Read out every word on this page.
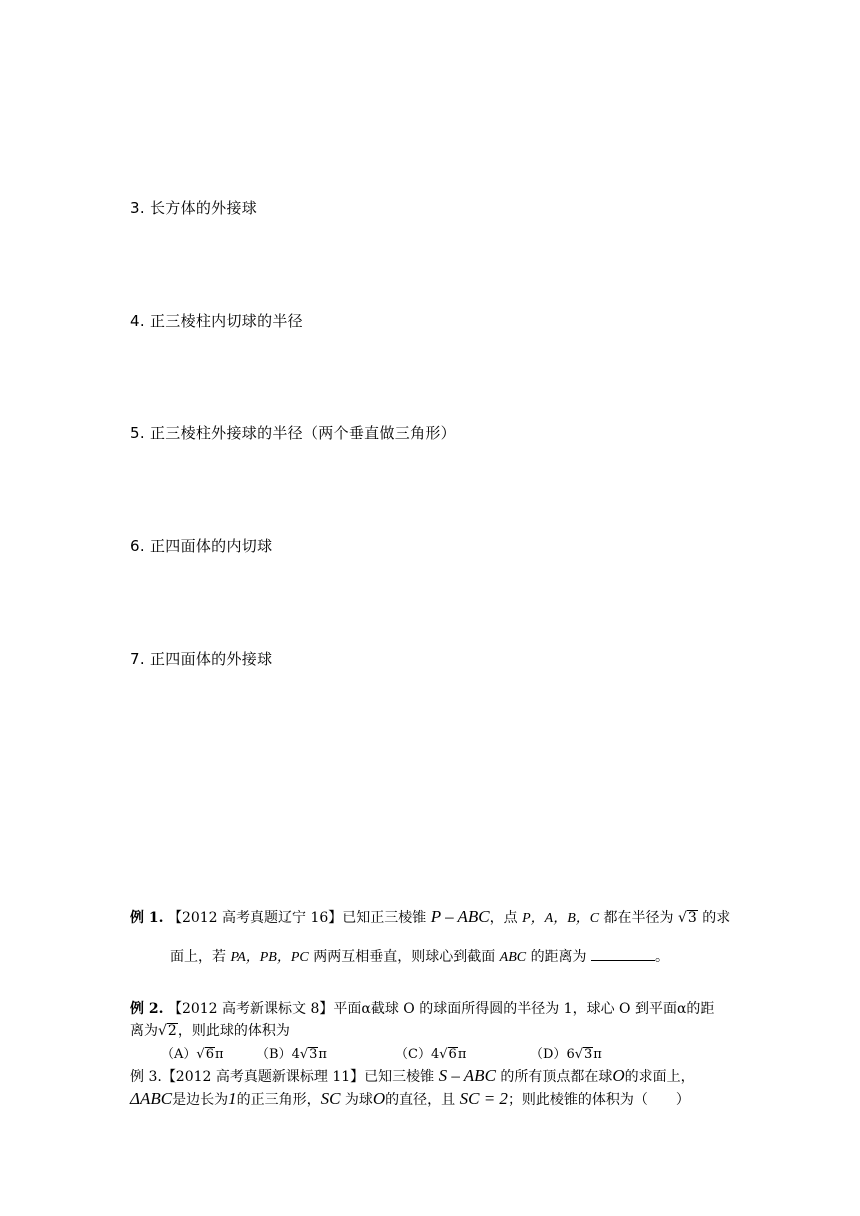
3. 长方体的外接球
4. 正三棱柱内切球的半径
5. 正三棱柱外接球的半径（两个垂直做三角形）
6. 正四面体的内切球
7. 正四面体的外接球
例 1. 【2012 高考真题辽宁 16】已知正三棱锥 P – ABC，点 P，A，B，C 都在半径为 √3 的求
面上，若 PA，PB，PC 两两互相垂直，则球心到截面 ABC 的距离为	。
例 2. 【2012 高考新课标文 8】平面α截球 O 的球面所得圆的半径为 1，球心 O 到平面α的距
离为√2，则此球的体积为
（A）√6π （B）4√3π	（C）4√6π	（D）6√3π
例 3.【2012 高考真题新课标理 11】已知三棱锥 S – ABC 的所有顶点都在球O的求面上，
ΔABC是边长为1的正三角形，SC 为球O的直径，且 SC = 2；则此棱锥的体积为（　　）
